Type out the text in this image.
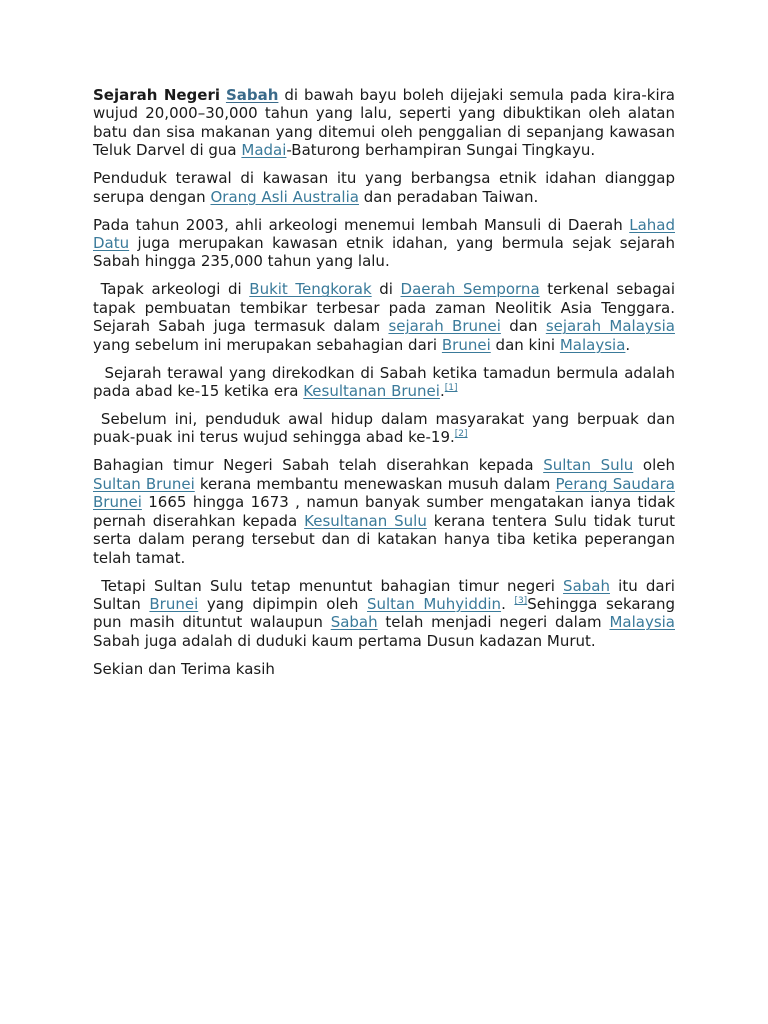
Sejarah Negeri Sabah di bawah bayu boleh dijejaki semula pada kira-kira wujud 20,000–30,000 tahun yang lalu, seperti yang dibuktikan oleh alatan batu dan sisa makanan yang ditemui oleh penggalian di sepanjang kawasan Teluk Darvel di gua Madai-Baturong berhampiran Sungai Tingkayu.

Penduduk terawal di kawasan itu yang berbangsa etnik idahan dianggap serupa dengan Orang Asli Australia dan peradaban Taiwan.

Pada tahun 2003, ahli arkeologi menemui lembah Mansuli di Daerah Lahad Datu juga merupakan kawasan etnik idahan, yang bermula sejak sejarah Sabah hingga 235,000 tahun yang lalu.

Tapak arkeologi di Bukit Tengkorak di Daerah Semporna terkenal sebagai tapak pembuatan tembikar terbesar pada zaman Neolitik Asia Tenggara. Sejarah Sabah juga termasuk dalam sejarah Brunei dan sejarah Malaysia yang sebelum ini merupakan sebahagian dari Brunei dan kini Malaysia.

Sejarah terawal yang direkodkan di Sabah ketika tamadun bermula adalah pada abad ke-15 ketika era Kesultanan Brunei.[1]

Sebelum ini, penduduk awal hidup dalam masyarakat yang berpuak dan puak-puak ini terus wujud sehingga abad ke-19.[2]

Bahagian timur Negeri Sabah telah diserahkan kepada Sultan Sulu oleh Sultan Brunei kerana membantu menewaskan musuh dalam Perang Saudara Brunei 1665 hingga 1673 , namun banyak sumber mengatakan ianya tidak pernah diserahkan kepada Kesultanan Sulu kerana tentera Sulu tidak turut serta dalam perang tersebut dan di katakan hanya tiba ketika peperangan telah tamat.

Tetapi Sultan Sulu tetap menuntut bahagian timur negeri Sabah itu dari Sultan Brunei yang dipimpin oleh Sultan Muhyiddin. [3]Sehingga sekarang pun masih dituntut walaupun Sabah telah menjadi negeri dalam Malaysia Sabah juga adalah di duduki kaum pertama Dusun kadazan Murut.

Sekian dan Terima kasih
